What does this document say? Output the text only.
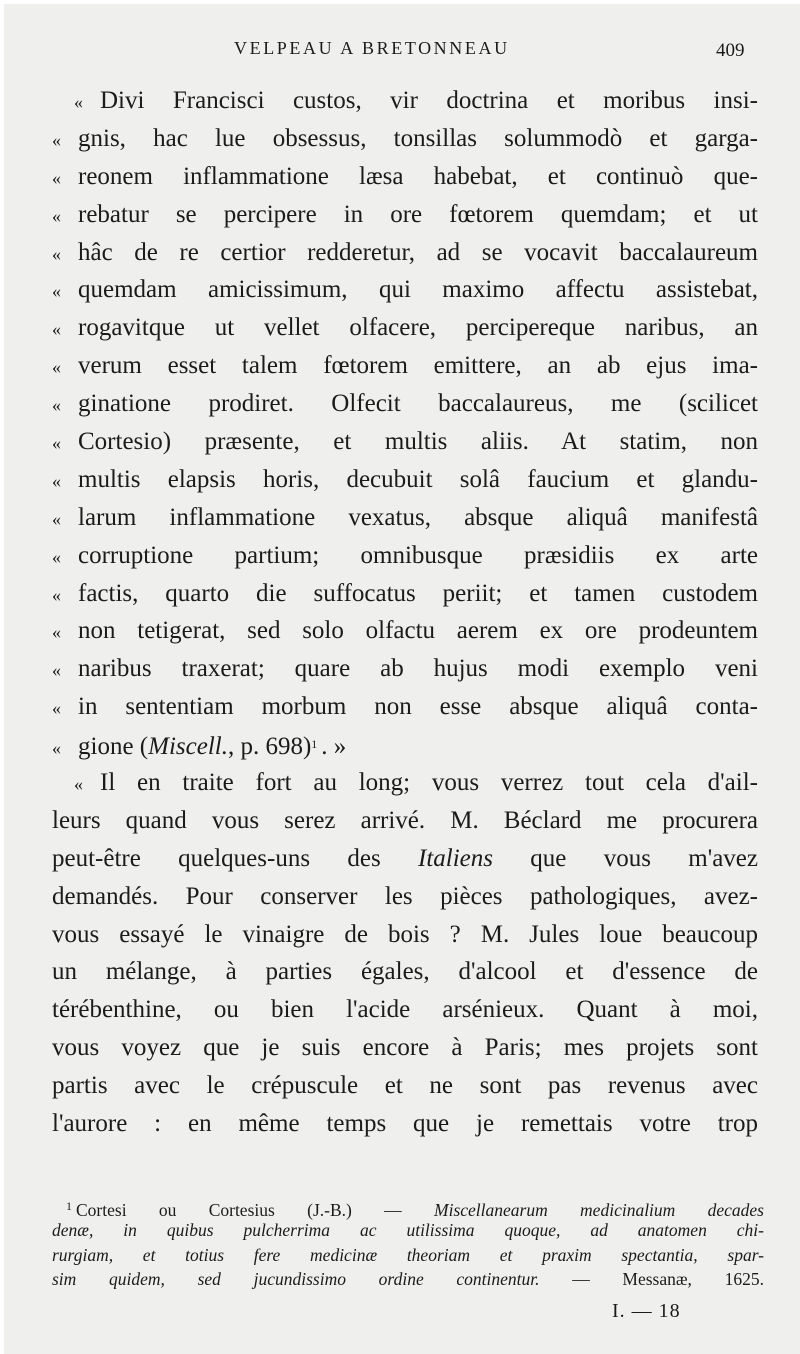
VELPEAU A BRETONNEAU	409
« Divi Francisci custos, vir doctrina et moribus insi-
« gnis, hac lue obsessus, tonsillas solummodò et garga-
« reonem inflammatione læsa habebat, et continuò que-
« rebatur se percipere in ore fœtorem quemdam; et ut
« hâc de re certior redderetur, ad se vocavit baccalaureum
« quemdam amicissimum, qui maximo affectu assistebat,
« rogavitque ut vellet olfacere, percipereque naribus, an
« verum esset talem fœtorem emittere, an ab ejus ima-
« ginatione prodiret. Olfecit baccalaureus, me (scilicet
« Cortesio) præsente, et multis aliis. At statim, non
« multis elapsis horis, decubuit solâ faucium et glandu-
« larum inflammatione vexatus, absque aliquâ manifestâ
« corruptione partium; omnibusque præsidiis ex arte
« factis, quarto die suffocatus periit; et tamen custodem
« non tetigerat, sed solo olfactu aerem ex ore prodeuntem
« naribus traxerat; quare ab hujus modi exemplo veni
« in sententiam morbum non esse absque aliquâ conta-
« gione (Miscell., p. 698)$^1$ . »
« Il en traite fort au long; vous verrez tout cela d'ail-
leurs quand vous serez arrivé. M. Béclard me procurera
peut-être quelques-uns des Italiens que vous m'avez
demandés. Pour conserver les pièces pathologiques, avez-
vous essayé le vinaigre de bois ? M. Jules loue beaucoup
un mélange, à parties égales, d'alcool et d'essence de
térébenthine, ou bien l'acide arsénieux. Quant à moi,
vous voyez que je suis encore à Paris; mes projets sont
partis avec le crépuscule et ne sont pas revenus avec
l'aurore : en même temps que je remettais votre trop
$^1$ Cortesi ou Cortesius (J.-B.) — Miscellanearum medicinalium decades
denæ, in quibus pulcherrima ac utilissima quoque, ad anatomen chi-
rurgiam, et totius fere medicinæ theoriam et praxim spectantia, spar-
sim quidem, sed jucundissimo ordine continentur. — Messanæ, 1625.
I. — 18
